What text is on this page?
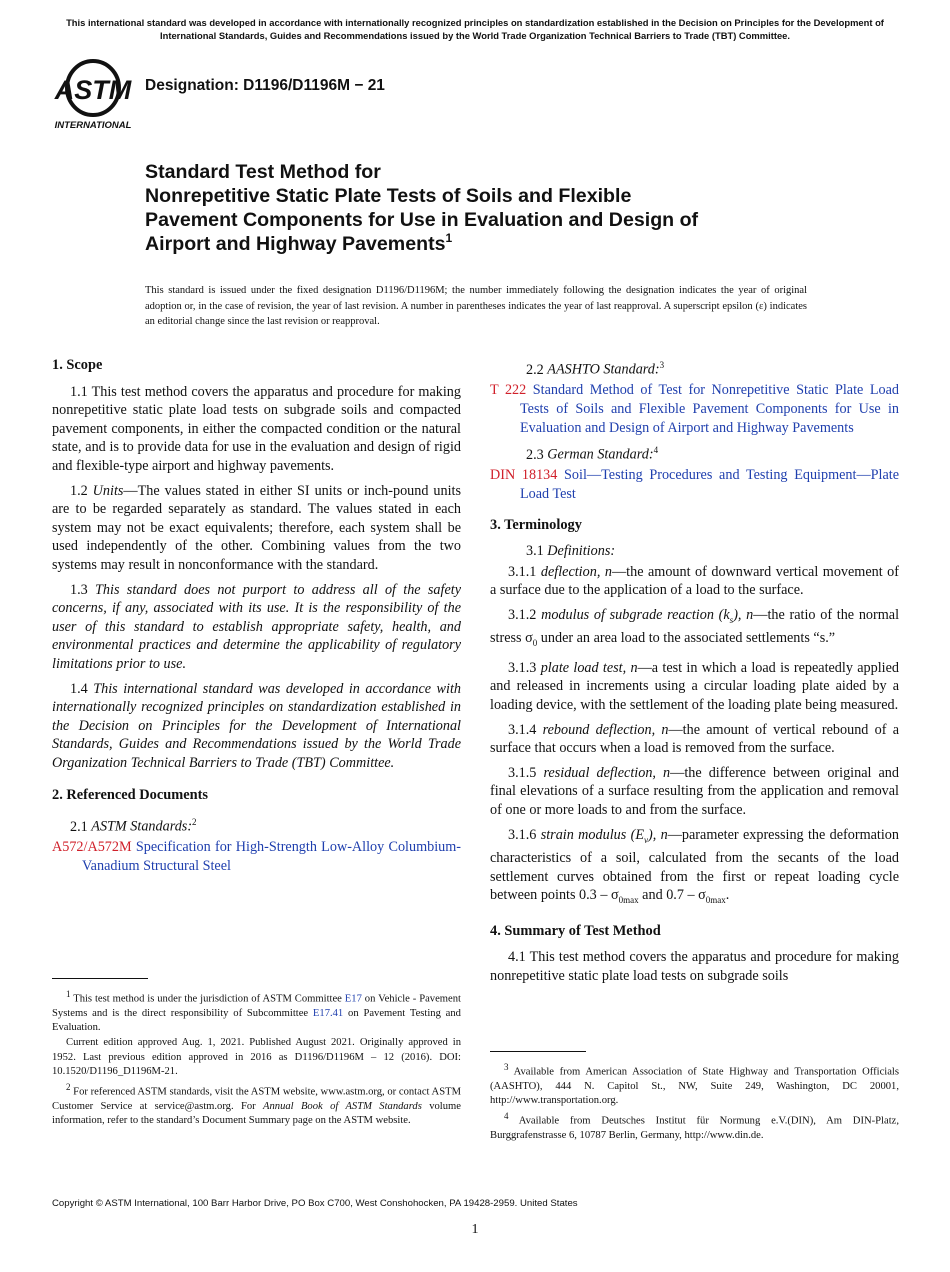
This international standard was developed in accordance with internationally recognized principles on standardization established in the Decision on Principles for the Development of International Standards, Guides and Recommendations issued by the World Trade Organization Technical Barriers to Trade (TBT) Committee.
ASTM
INTERNATIONAL
Designation: D1196/D1196M − 21
Standard Test Method for
Nonrepetitive Static Plate Tests of Soils and Flexible
Pavement Components for Use in Evaluation and Design of
Airport and Highway Pavements$^1$
This standard is issued under the fixed designation D1196/D1196M; the number immediately following the designation indicates the year of original adoption or, in the case of revision, the year of last revision. A number in parentheses indicates the year of last reapproval. A superscript epsilon (ε) indicates an editorial change since the last revision or reapproval.
1. Scope

1.1 This test method covers the apparatus and procedure for making nonrepetitive static plate load tests on subgrade soils and compacted pavement components, in either the compacted condition or the natural state, and is to provide data for use in the evaluation and design of rigid and flexible-type airport and highway pavements.

1.2 Units—The values stated in either SI units or inch-pound units are to be regarded separately as standard. The values stated in each system may not be exact equivalents; therefore, each system shall be used independently of the other. Combining values from the two systems may result in nonconformance with the standard.

1.3 This standard does not purport to address all of the safety concerns, if any, associated with its use. It is the responsibility of the user of this standard to establish appropriate safety, health, and environmental practices and determine the applicability of regulatory limitations prior to use.

1.4 This international standard was developed in accordance with internationally recognized principles on standardization established in the Decision on Principles for the Development of International Standards, Guides and Recommendations issued by the World Trade Organization Technical Barriers to Trade (TBT) Committee.

2. Referenced Documents

2.1 ASTM Standards:$^2$

A572/A572M Specification for High-Strength Low-Alloy Columbium-Vanadium Structural Steel

2.2 AASHTO Standard:$^3$

T 222 Standard Method of Test for Nonrepetitive Static Plate Load Tests of Soils and Flexible Pavement Components for Use in Evaluation and Design of Airport and Highway Pavements

2.3 German Standard:$^4$

DIN 18134 Soil—Testing Procedures and Testing Equipment—Plate Load Test

3. Terminology

3.1 Definitions:

3.1.1 deflection, n—the amount of downward vertical movement of a surface due to the application of a load to the surface.

3.1.2 modulus of subgrade reaction $(k_s)$, n—the ratio of the normal stress $\sigma_0$ under an area load to the associated settlements “s.”

3.1.3 plate load test, n—a test in which a load is repeatedly applied and released in increments using a circular loading plate aided by a loading device, with the settlement of the loading plate being measured.

3.1.4 rebound deflection, n—the amount of vertical rebound of a surface that occurs when a load is removed from the surface.

3.1.5 residual deflection, n—the difference between original and final elevations of a surface resulting from the application and removal of one or more loads to and from the surface.

3.1.6 strain modulus $(E_v)$, n—parameter expressing the deformation characteristics of a soil, calculated from the secants of the load settlement curves obtained from the first or repeat loading cycle between points $0.3 - \sigma_{0max}$ and $0.7 - \sigma_{0max}$.

4. Summary of Test Method

4.1 This test method covers the apparatus and procedure for making nonrepetitive static plate load tests on subgrade soils

$^1$ This test method is under the jurisdiction of ASTM Committee E17 on Vehicle - Pavement Systems and is the direct responsibility of Subcommittee E17.41 on Pavement Testing and Evaluation.

Current edition approved Aug. 1, 2021. Published August 2021. Originally approved in 1952. Last previous edition approved in 2016 as D1196/D1196M – 12 (2016). DOI: 10.1520/D1196_D1196M-21.

$^2$ For referenced ASTM standards, visit the ASTM website, www.astm.org, or contact ASTM Customer Service at service@astm.org. For Annual Book of ASTM Standards volume information, refer to the standard’s Document Summary page on the ASTM website.

$^3$ Available from American Association of State Highway and Transportation Officials (AASHTO), 444 N. Capitol St., NW, Suite 249, Washington, DC 20001, http://www.transportation.org.

$^4$ Available from Deutsches Institut für Normung e.V.(DIN), Am DIN-Platz, Burggrafenstrasse 6, 10787 Berlin, Germany, http://www.din.de.

Copyright © ASTM International, 100 Barr Harbor Drive, PO Box C700, West Conshohocken, PA 19428-2959. United States
1
